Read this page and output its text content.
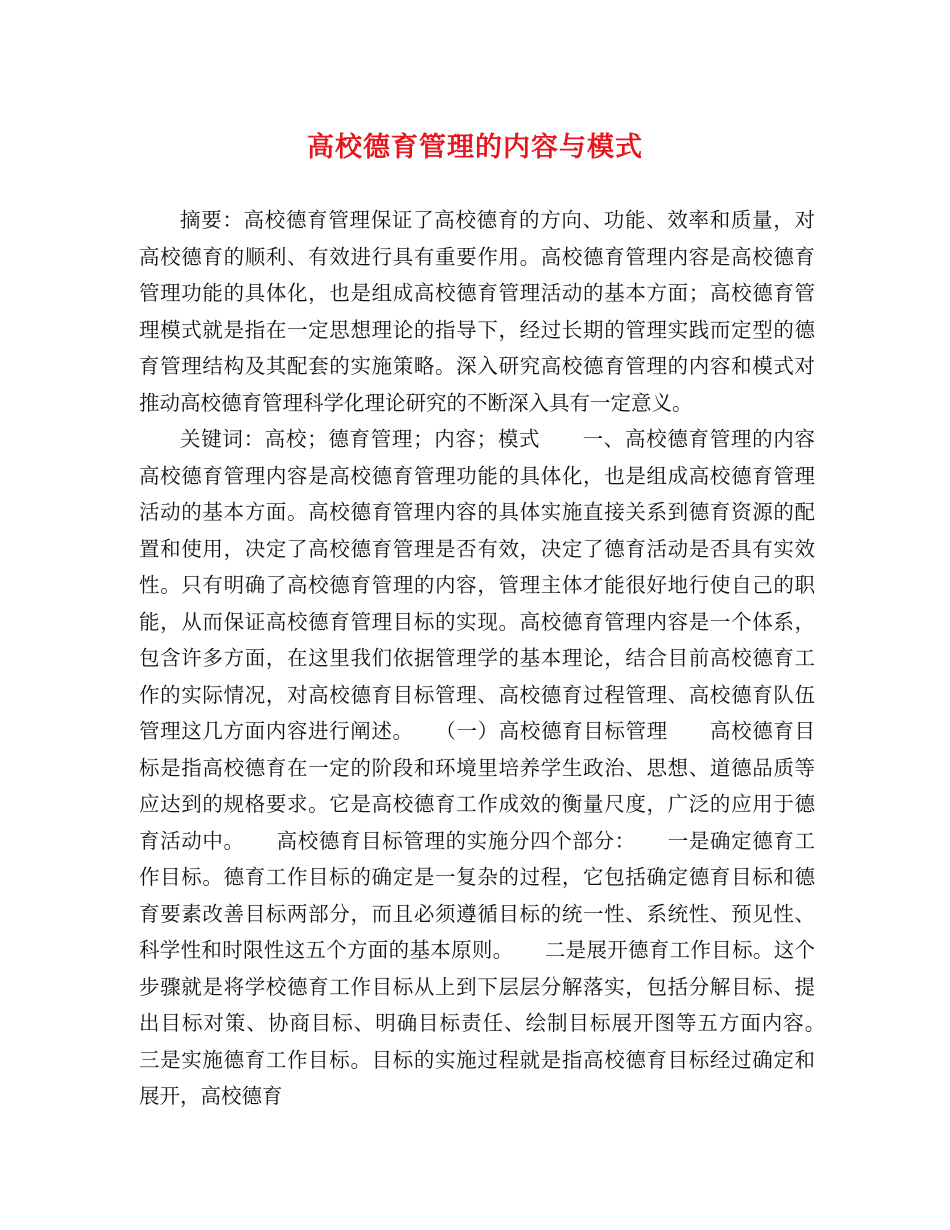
高校德育管理的内容与模式

摘要：高校德育管理保证了高校德育的方向、功能、效率和质量，对高校德育的顺利、有效进行具有重要作用。高校德育管理内容是高校德育管理功能的具体化，也是组成高校德育管理活动的基本方面；高校德育管理模式就是指在一定思想理论的指导下，经过长期的管理实践而定型的德育管理结构及其配套的实施策略。深入研究高校德育管理的内容和模式对推动高校德育管理科学化理论研究的不断深入具有一定意义。

关键词：高校；德育管理；内容；模式　　一、高校德育管理的内容　　高校德育管理内容是高校德育管理功能的具体化，也是组成高校德育管理活动的基本方面。高校德育管理内容的具体实施直接关系到德育资源的配置和使用，决定了高校德育管理是否有效，决定了德育活动是否具有实效性。只有明确了高校德育管理的内容，管理主体才能很好地行使自己的职能，从而保证高校德育管理目标的实现。高校德育管理内容是一个体系，包含许多方面，在这里我们依据管理学的基本理论，结合目前高校德育工作的实际情况，对高校德育目标管理、高校德育过程管理、高校德育队伍管理这几方面内容进行阐述。　　（一）高校德育目标管理　　高校德育目标是指高校德育在一定的阶段和环境里培养学生政治、思想、道德品质等应达到的规格要求。它是高校德育工作成效的衡量尺度，广泛的应用于德育活动中。　　高校德育目标管理的实施分四个部分：　　一是确定德育工作目标。德育工作目标的确定是一复杂的过程，它包括确定德育目标和德育要素改善目标两部分，而且必须遵循目标的统一性、系统性、预见性、科学性和时限性这五个方面的基本原则。　　二是展开德育工作目标。这个步骤就是将学校德育工作目标从上到下层层分解落实，包括分解目标、提出目标对策、协商目标、明确目标责任、绘制目标展开图等五方面内容。　　三是实施德育工作目标。目标的实施过程就是指高校德育目标经过确定和展开，高校德育
